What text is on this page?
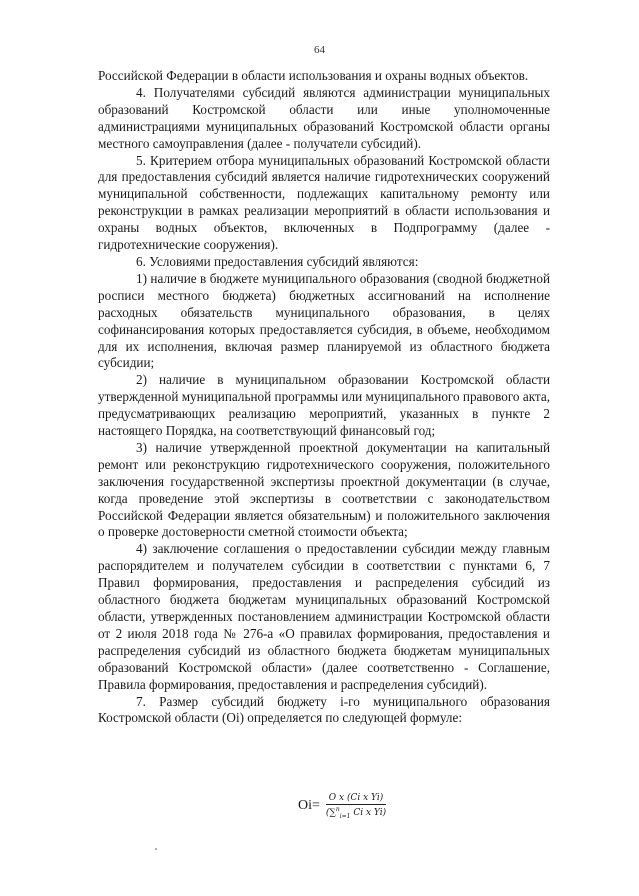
64

Российской Федерации в области использования и охраны водных объектов.

4. Получателями субсидий являются администрации муниципальных образований Костромской области или иные уполномоченные администрациями муниципальных образований Костромской области органы местного самоуправления (далее - получатели субсидий).

5. Критерием отбора муниципальных образований Костромской области для предоставления субсидий является наличие гидротехнических сооружений муниципальной собственности, подлежащих капитальному ремонту или реконструкции в рамках реализации мероприятий в области использования и охраны водных объектов, включенных в Подпрограмму (далее - гидротехнические сооружения).

6. Условиями предоставления субсидий являются:

1) наличие в бюджете муниципального образования (сводной бюджетной росписи местного бюджета) бюджетных ассигнований на исполнение расходных обязательств муниципального образования, в целях софинансирования которых предоставляется субсидия, в объеме, необходимом для их исполнения, включая размер планируемой из областного бюджета субсидии;

2) наличие в муниципальном образовании Костромской области утвержденной муниципальной программы или муниципального правового акта, предусматривающих реализацию мероприятий, указанных в пункте 2 настоящего Порядка, на соответствующий финансовый год;

3) наличие утвержденной проектной документации на капитальный ремонт или реконструкцию гидротехнического сооружения, положительного заключения государственной экспертизы проектной документации (в случае, когда проведение этой экспертизы в соответствии с законодательством Российской Федерации является обязательным) и положительного заключения о проверке достоверности сметной стоимости объекта;

4) заключение соглашения о предоставлении субсидии между главным распорядителем и получателем субсидии в соответствии с пунктами 6, 7 Правил формирования, предоставления и распределения субсидий из областного бюджета бюджетам муниципальных образований Костромской области, утвержденных постановлением администрации Костромской области от 2 июля 2018 года № 276-а «О правилах формирования, предоставления и распределения субсидий из областного бюджета бюджетам муниципальных образований Костромской области» (далее соответственно - Соглашение, Правила формирования, предоставления и распределения субсидий).

7. Размер субсидий бюджету i-го муниципального образования Костромской области (Oi) определяется по следующей формуле:

$Oi= \frac{\text{O x (Ci x Yi)}}{(\sum^n_{i=1} Ci x Yi)}$
